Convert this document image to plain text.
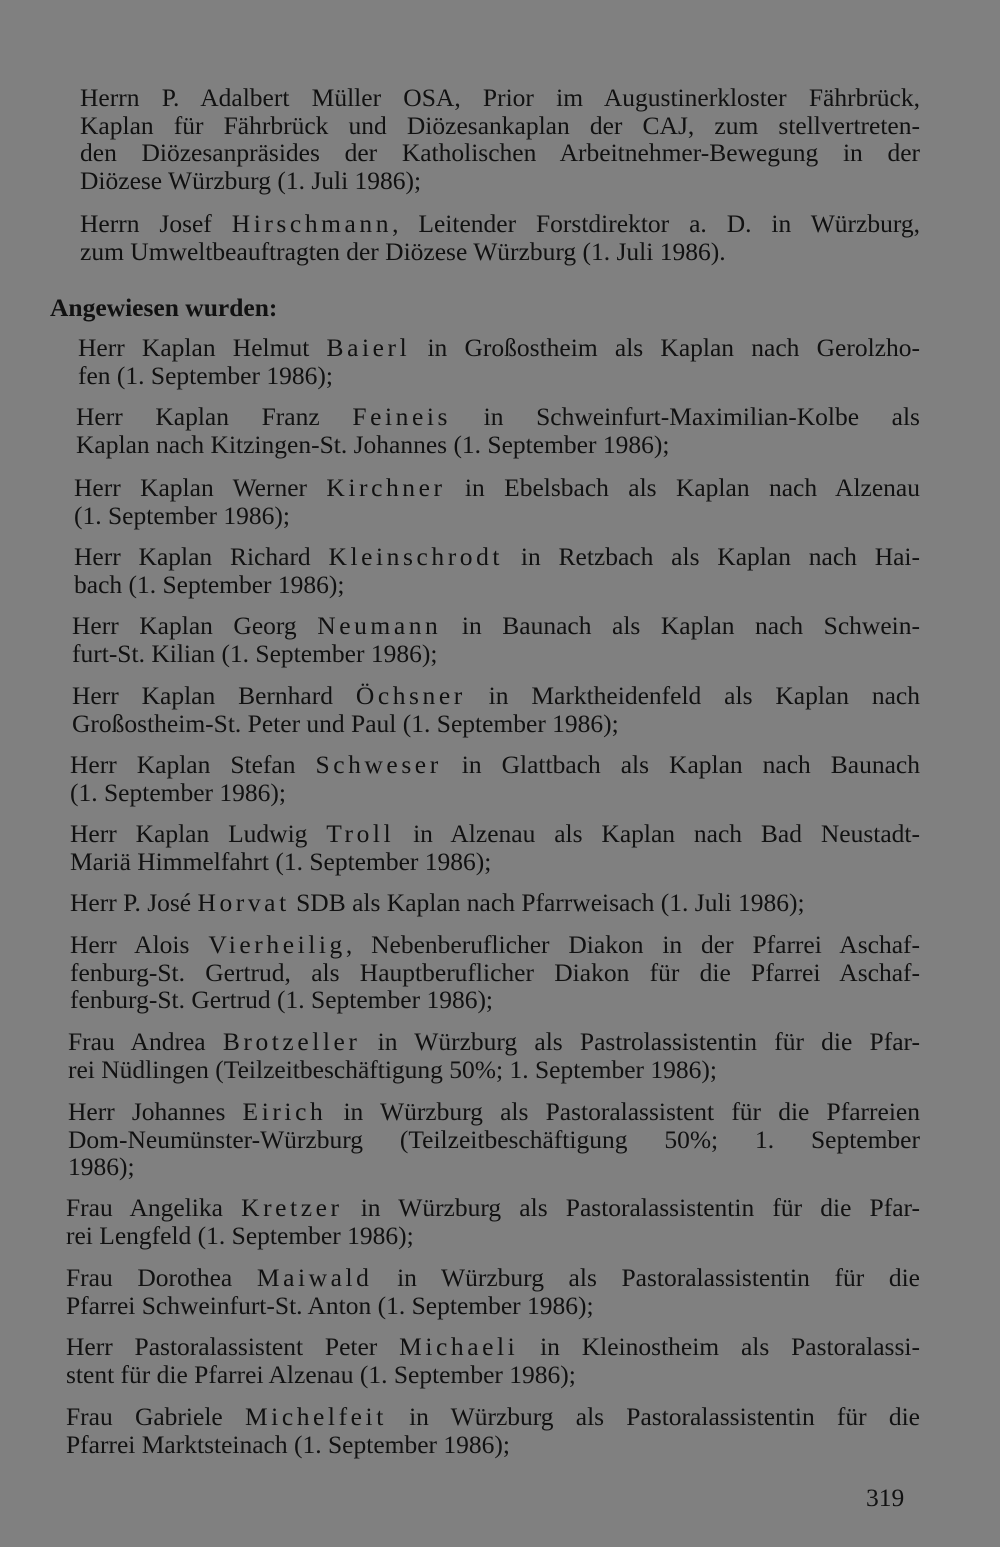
Herrn P. Adalbert Müller OSA, Prior im Augustinerkloster Fährbrück,
Kaplan für Fährbrück und Diözesankaplan der CAJ, zum stellvertreten-
den Diözesanpräsides der Katholischen Arbeitnehmer-Bewegung in der
Diözese Würzburg (1. Juli 1986);

Herrn Josef Hirschmann, Leitender Forstdirektor a. D. in Würzburg,
zum Umweltbeauftragten der Diözese Würzburg (1. Juli 1986).

Angewiesen wurden:

Herr Kaplan Helmut Baierl in Großostheim als Kaplan nach Gerolzho-
fen (1. September 1986);

Herr Kaplan Franz Feineis in Schweinfurt-Maximilian-Kolbe als
Kaplan nach Kitzingen-St. Johannes (1. September 1986);

Herr Kaplan Werner Kirchner in Ebelsbach als Kaplan nach Alzenau
(1. September 1986);

Herr Kaplan Richard Kleinschrodt in Retzbach als Kaplan nach Hai-
bach (1. September 1986);

Herr Kaplan Georg Neumann in Baunach als Kaplan nach Schwein-
furt-St. Kilian (1. September 1986);

Herr Kaplan Bernhard Öchsner in Marktheidenfeld als Kaplan nach
Großostheim-St. Peter und Paul (1. September 1986);

Herr Kaplan Stefan Schweser in Glattbach als Kaplan nach Baunach
(1. September 1986);

Herr Kaplan Ludwig Troll in Alzenau als Kaplan nach Bad Neustadt-
Mariä Himmelfahrt (1. September 1986);

Herr P. José Horvat SDB als Kaplan nach Pfarrweisach (1. Juli 1986);

Herr Alois Vierheilig, Nebenberuflicher Diakon in der Pfarrei Aschaf-
fenburg-St. Gertrud, als Hauptberuflicher Diakon für die Pfarrei Aschaf-
fenburg-St. Gertrud (1. September 1986);

Frau Andrea Brotzeller in Würzburg als Pastrolassistentin für die Pfar-
rei Nüdlingen (Teilzeitbeschäftigung 50%; 1. September 1986);

Herr Johannes Eirich in Würzburg als Pastoralassistent für die Pfarreien
Dom-Neumünster-Würzburg (Teilzeitbeschäftigung 50%; 1. September
1986);

Frau Angelika Kretzer in Würzburg als Pastoralassistentin für die Pfar-
rei Lengfeld (1. September 1986);

Frau Dorothea Maiwald in Würzburg als Pastoralassistentin für die
Pfarrei Schweinfurt-St. Anton (1. September 1986);

Herr Pastoralassistent Peter Michaeli in Kleinostheim als Pastoralassi-
stent für die Pfarrei Alzenau (1. September 1986);

Frau Gabriele Michelfeit in Würzburg als Pastoralassistentin für die
Pfarrei Marktsteinach (1. September 1986);

319
